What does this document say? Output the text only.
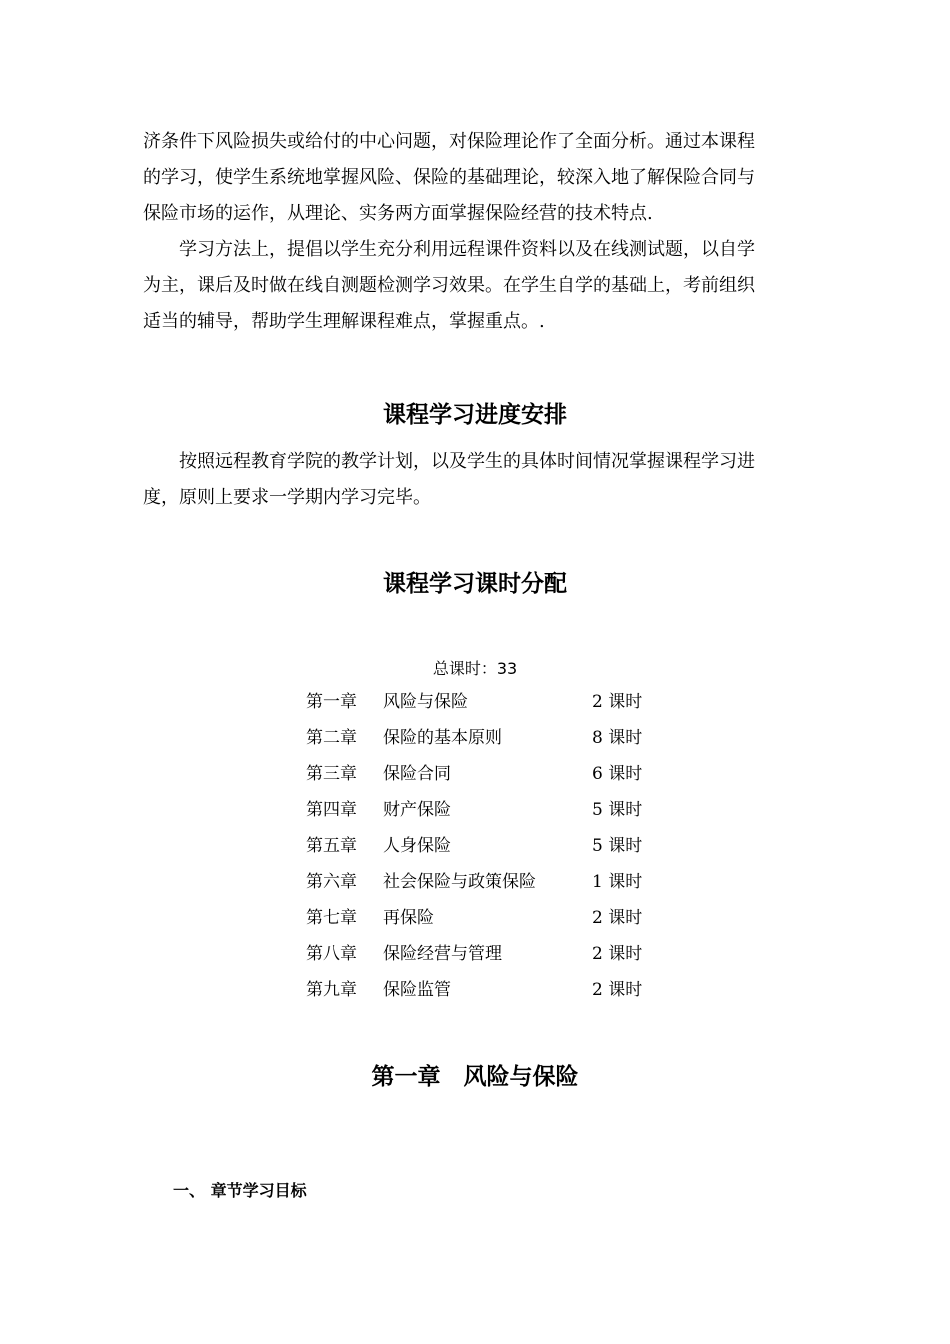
济条件下风险损失或给付的中心问题，对保险理论作了全面分析。通过本课程
的学习，使学生系统地掌握风险、保险的基础理论，较深入地了解保险合同与
保险市场的运作，从理论、实务两方面掌握保险经营的技术特点.
学习方法上，提倡以学生充分利用远程课件资料以及在线测试题，以自学
为主，课后及时做在线自测题检测学习效果。在学生自学的基础上，考前组织
适当的辅导，帮助学生理解课程难点，掌握重点。.
课程学习进度安排
按照远程教育学院的教学计划，以及学生的具体时间情况掌握课程学习进
度，原则上要求一学期内学习完毕。
课程学习课时分配

总课时：33

第一章 风险与保险	2 课时
第二章 保险的基本原则	8 课时
第三章 保险合同	6 课时
第四章 财产保险	5 课时
第五章 人身保险	5 课时
第六章 社会保险与政策保险	1 课时
第七章 再保险	2 课时
第八章 保险经营与管理	2 课时
第九章 保险监管	2 课时
第一章　风险与保险

一、 章节学习目标
